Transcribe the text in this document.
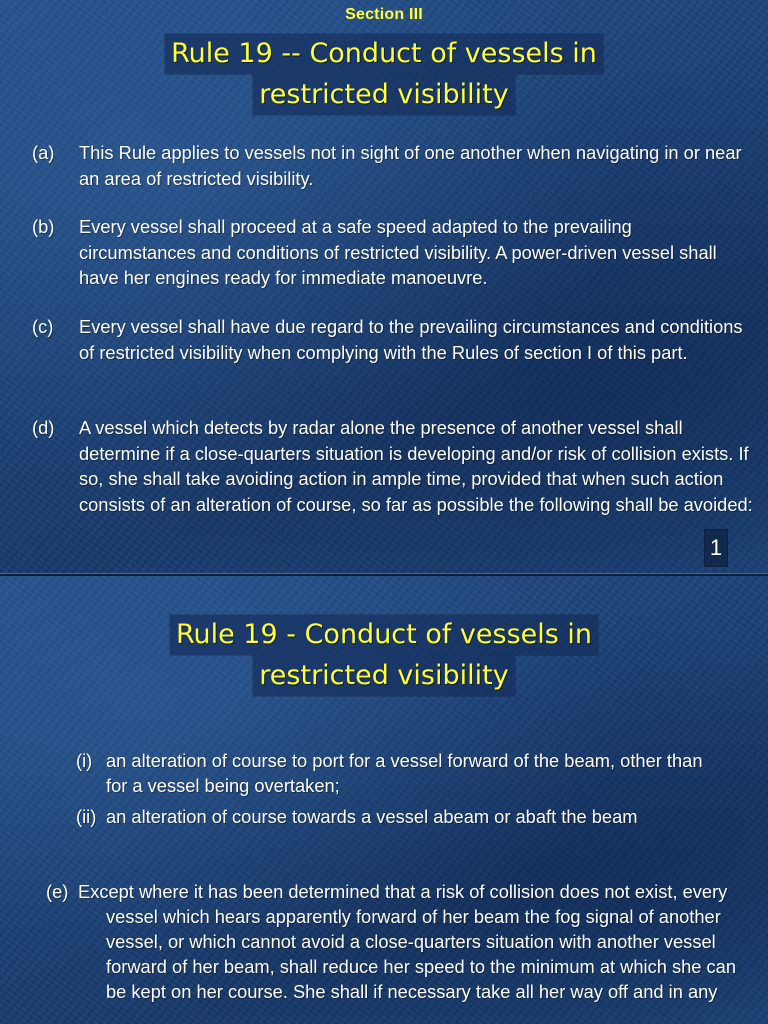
Section III
Rule 19 -- Conduct of vessels in
restricted visibility
(a) This Rule applies to vessels not in sight of one another when navigating in or near an area of restricted visibility.
(b) Every vessel shall proceed at a safe speed adapted to the prevailing circumstances and conditions of restricted visibility. A power-driven vessel shall have her engines ready for immediate manoeuvre.
(c) Every vessel shall have due regard to the prevailing circumstances and conditions of restricted visibility when complying with the Rules of section I of this part.
(d) A vessel which detects by radar alone the presence of another vessel shall determine if a close-quarters situation is developing and/or risk of collision exists. If so, she shall take avoiding action in ample time, provided that when such action consists of an alteration of course, so far as possible the following shall be avoided:
1
Rule 19 - Conduct of vessels in
restricted visibility
(i) an alteration of course to port for a vessel forward of the beam, other than for a vessel being overtaken;
(ii) an alteration of course towards a vessel abeam or abaft the beam
(e) Except where it has been determined that a risk of collision does not exist, every vessel which hears apparently forward of her beam the fog signal of another vessel, or which cannot avoid a close-quarters situation with another vessel forward of her beam, shall reduce her speed to the minimum at which she can be kept on her course. She shall if necessary take all her way off and in any
